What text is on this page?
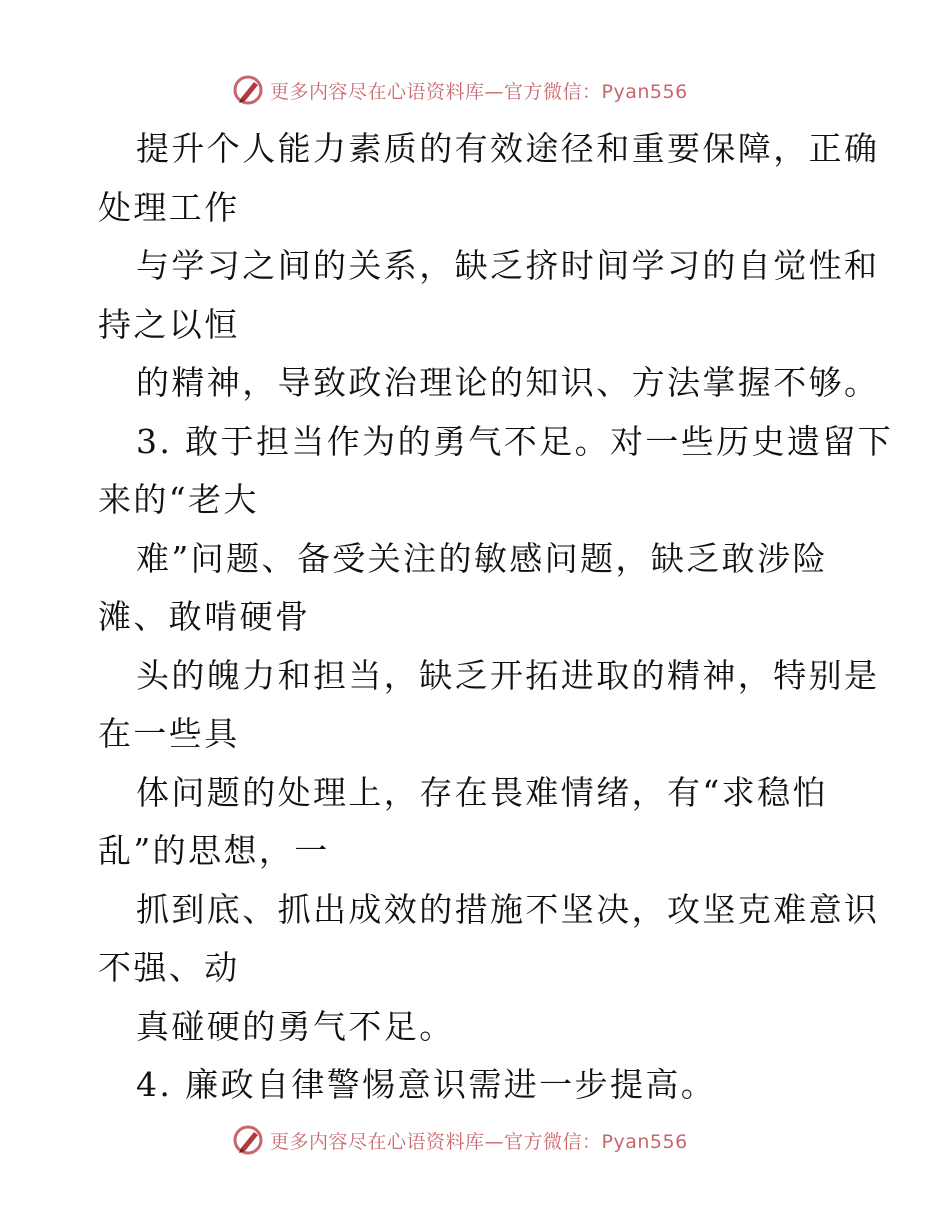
更多内容尽在心语资料库—官方微信：Pyan556
提升个人能力素质的有效途径和重要保障，正确
处理工作
与学习之间的关系，缺乏挤时间学习的自觉性和
持之以恒
的精神，导致政治理论的知识、方法掌握不够。
3. 敢于担当作为的勇气不足。对一些历史遗留下
来的“老大
难”问题、备受关注的敏感问题，缺乏敢涉险
滩、敢啃硬骨
头的魄力和担当，缺乏开拓进取的精神，特别是
在一些具
体问题的处理上，存在畏难情绪，有“求稳怕
乱”的思想，一
抓到底、抓出成效的措施不坚决，攻坚克难意识
不强、动
真碰硬的勇气不足。
4. 廉政自律警惕意识需进一步提高。
更多内容尽在心语资料库—官方微信：Pyan556
